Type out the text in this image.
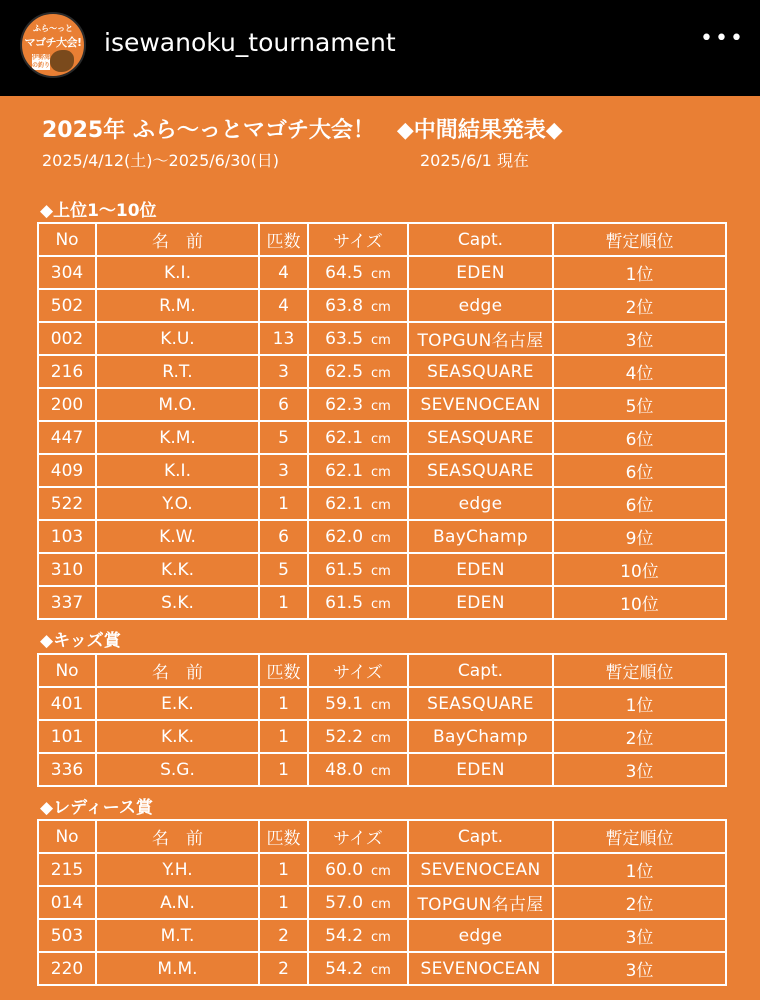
ふら〜っと
マゴチ大会!
伊勢湾の釣り
isewanoku_tournament	•••
2025年 ふら〜っとマゴチ大会！　◆中間結果発表◆
2025/4/12(土)〜2025/6/30(日)	2025/6/1 現在
◆上位1〜10位
No	名　前	匹数	サイズ	Capt.	暫定順位
304	K.I.	4	64.5 cm	EDEN	1位
502	R.M.	4	63.8 cm	edge	2位
002	K.U.	13	63.5 cm	TOPGUN名古屋	3位
216	R.T.	3	62.5 cm	SEASQUARE	4位
200	M.O.	6	62.3 cm	SEVENOCEAN	5位
447	K.M.	5	62.1 cm	SEASQUARE	6位
409	K.I.	3	62.1 cm	SEASQUARE	6位
522	Y.O.	1	62.1 cm	edge	6位
103	K.W.	6	62.0 cm	BayChamp	9位
310	K.K.	5	61.5 cm	EDEN	10位
337	S.K.	1	61.5 cm	EDEN	10位
◆キッズ賞
No	名　前	匹数	サイズ	Capt.	暫定順位
401	E.K.	1	59.1 cm	SEASQUARE	1位
101	K.K.	1	52.2 cm	BayChamp	2位
336	S.G.	1	48.0 cm	EDEN	3位
◆レディース賞
No	名　前	匹数	サイズ	Capt.	暫定順位
215	Y.H.	1	60.0 cm	SEVENOCEAN	1位
014	A.N.	1	57.0 cm	TOPGUN名古屋	2位
503	M.T.	2	54.2 cm	edge	3位
220	M.M.	2	54.2 cm	SEVENOCEAN	3位
